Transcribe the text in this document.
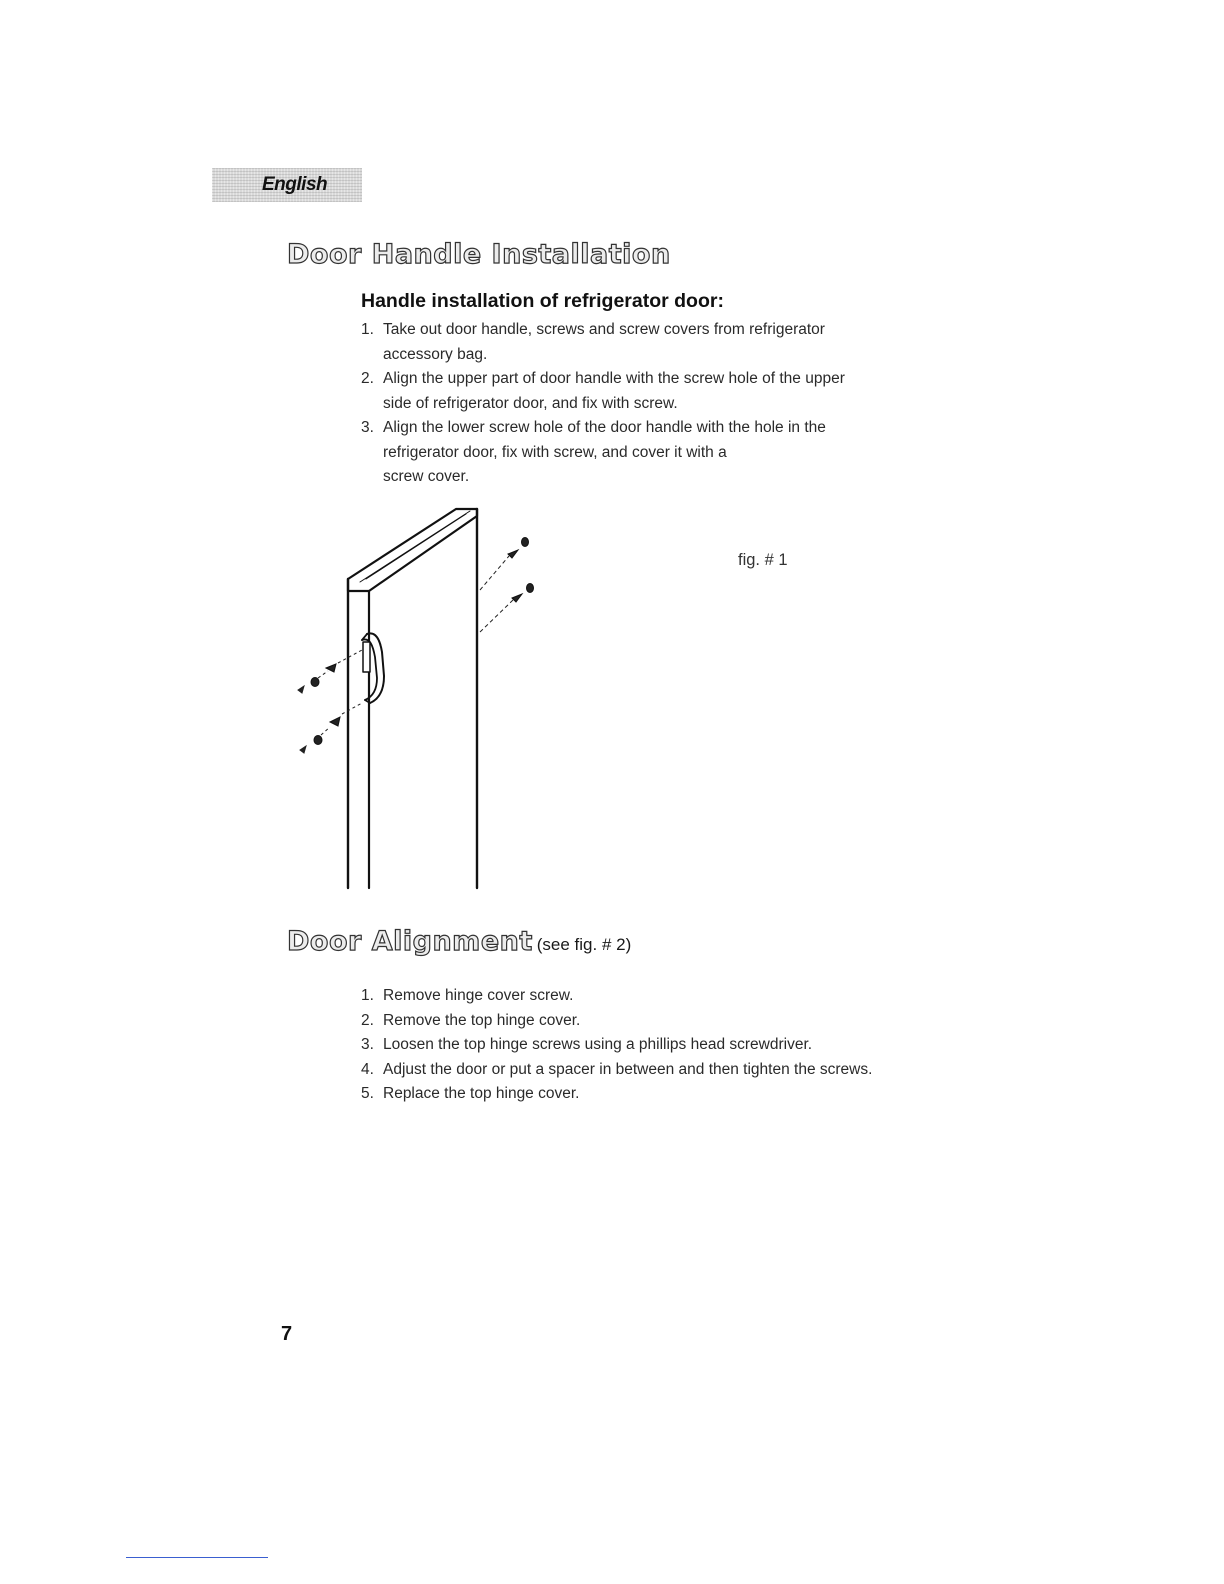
English
Door Handle Installation
Handle installation of refrigerator door:
1. Take out door handle, screws and screw covers from refrigerator
accessory bag.
2. Align the upper part of door handle with the screw hole of the upper
side of refrigerator door, and fix with screw.
3. Align the lower screw hole of the door handle with the hole in the
refrigerator door, fix with screw, and cover it with a
screw cover.
fig. # 1
Door Alignment (see fig. # 2)
1. Remove hinge cover screw.
2. Remove the top hinge cover.
3. Loosen the top hinge screws using a phillips head screwdriver.
4. Adjust the door or put a spacer in between and then tighten the screws.
5. Replace the top hinge cover.
7
